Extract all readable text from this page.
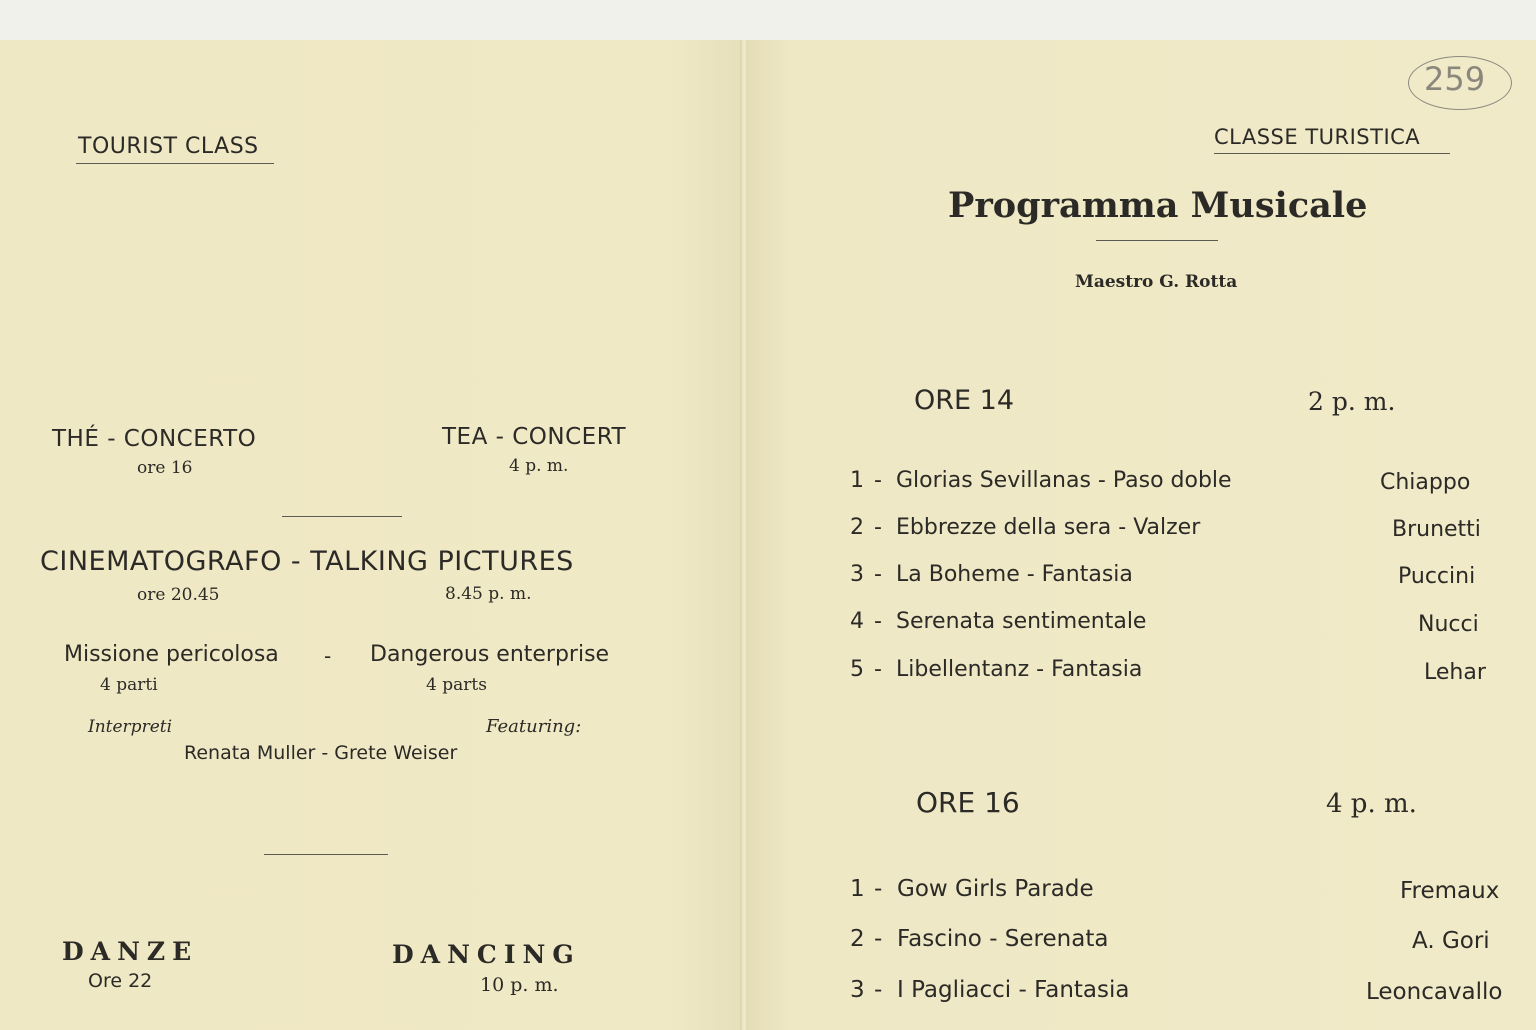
TOURIST CLASS
THÉ - CONCERTO
ore 16
TEA - CONCERT
4 p. m.
CINEMATOGRAFO - TALKING PICTURES
ore 20.45	8.45 p. m.
Missione pericolosa - Dangerous enterprise
4 parti	4 parts
Interpreti	Featuring:
Renata Muller - Grete Weiser
DANZE
Ore 22
DANCING
10 p. m.
259
CLASSE TURISTICA
Programma Musicale
Maestro G. Rotta
ORE 14	2 p. m.
1 - Glorias Sevillanas - Paso doble	Chiappo
2 - Ebbrezze della sera - Valzer	Brunetti
3 - La Boheme - Fantasia	Puccini
4 - Serenata sentimentale	Nucci
5 - Libellentanz - Fantasia	Lehar
ORE 16	4 p. m.
1 - Gow Girls Parade	Fremaux
2 - Fascino - Serenata	A. Gori
3 - I Pagliacci - Fantasia	Leoncavallo
